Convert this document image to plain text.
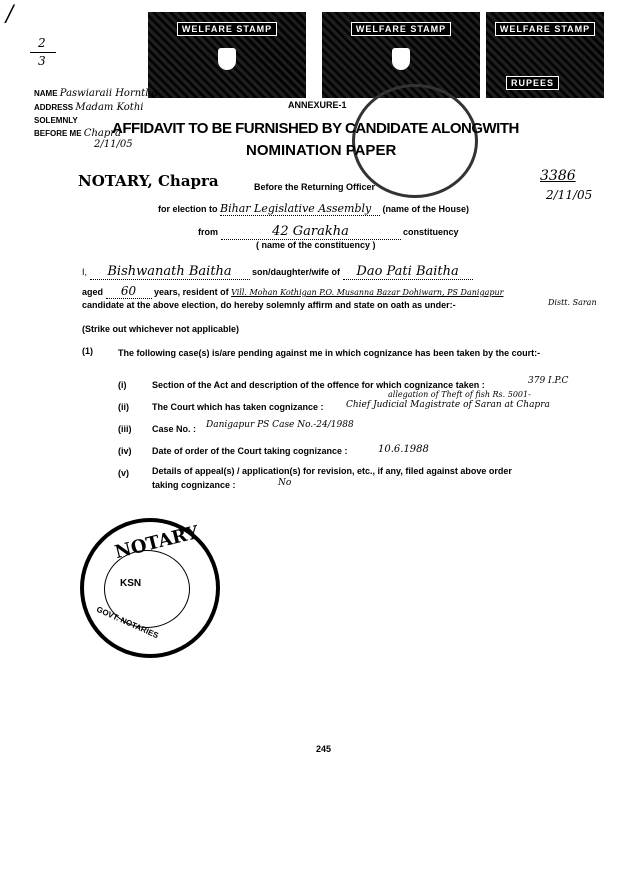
/
2
3
WELFARE STAMP	WELFARE STAMP	WELFARE STAMP
RUPEES
NAME Paswiaraii Horntl a
ADDRESS Madam Kothi
SOLEMNLY
BEFORE ME Chapra
2/11/05
ANNEXURE-1
AFFIDAVIT TO BE FURNISHED BY CANDIDATE ALONGWITH
NOMINATION PAPER
NOTARY, Chapra	3386
2/11/05
Before the Returning Officer
for election to Bihar Legislative Assembly (name of the House)
from	42 Garakha	constituency
( name of the constituency )
I, Bishwanath Baitha son/daughter/wife of Dao Pati Baitha
aged 60 years, resident of Vill. Mohan Kothigan P.O. Musanna Bazar Dohiwarn, PS Danigapur
Distt. Saran
candidate at the above election, do hereby solemnly affirm and state on oath as under:-
(Strike out whichever not applicable)
(1)	The following case(s) is/are pending against me in which cognizance has been taken by the court:-
(i)	Section of the Act and description of the offence for which cognizance taken :	379 I.P.C
allegation of Theft of fish Rs. 5001-
(ii)	The Court which has taken cognizance : Chief Judicial Magistrate of Saran at Chapra
(iii) Case No. : Danigapur PS Case No.-24/1988
(iv) Date of order of the Court taking cognizance :	10.6.1988
(v)	Details of appeal(s) / application(s) for revision, etc., if any, filed against above order
taking cognizance :	No
NOTARY
KSN
GOVT. NOTARIES
245
